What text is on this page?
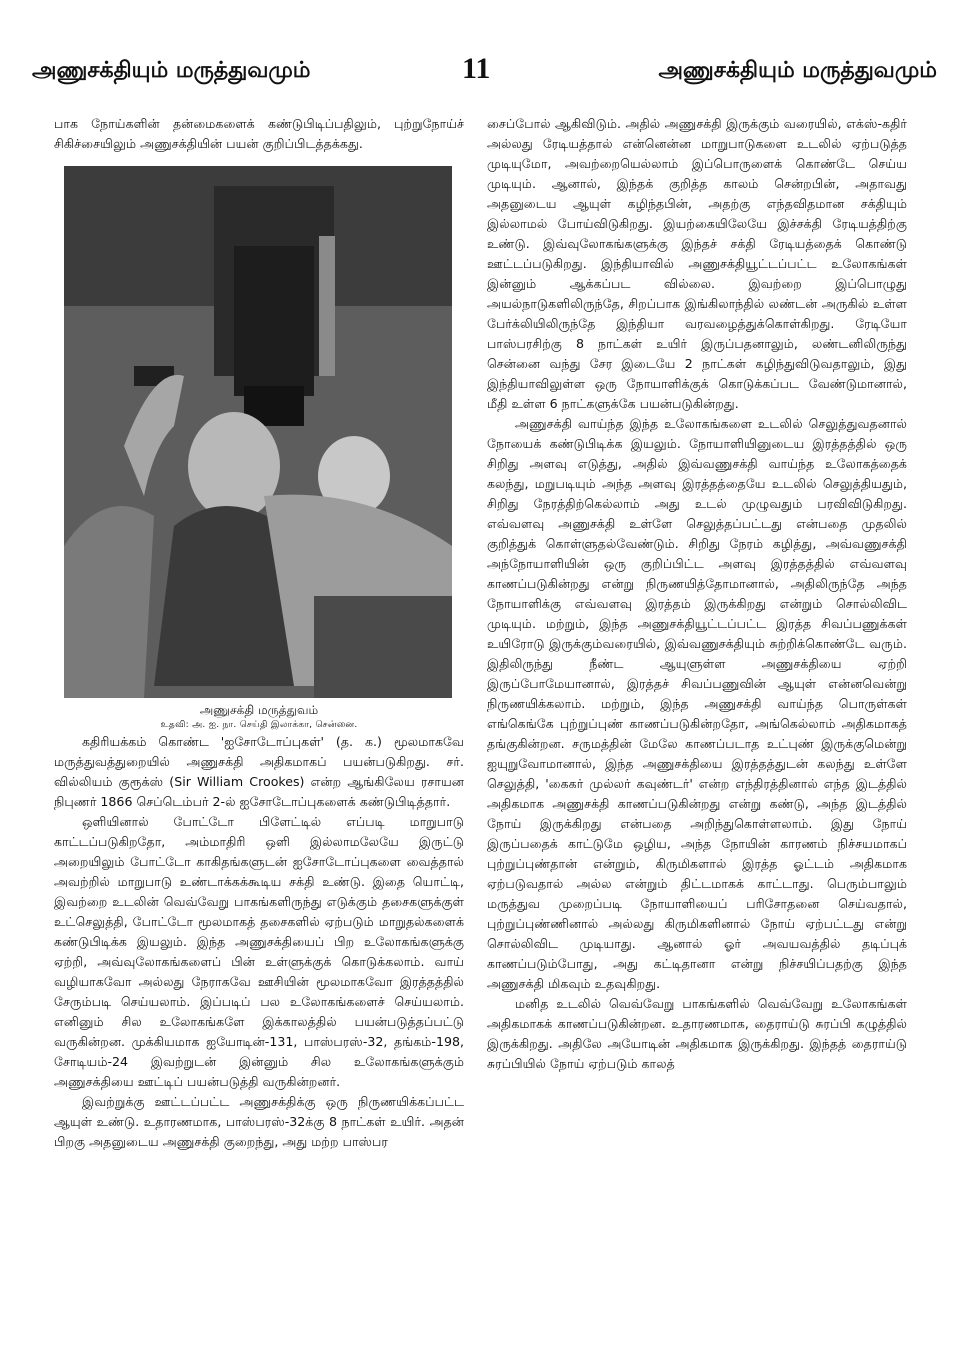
அணுசக்தியும் மருத்துவமும்	11	அணுசக்தியும் மருத்துவமும்

பாக நோய்களின் தன்மைகளைக் கண்டுபிடிப்பதிலும், புற்றுநோய்ச் சிகிச்சையிலும் அணுசக்தியின் பயன் குறிப்பிடத்தக்கது.

அணுசக்தி மருத்துவம்

உதவி: அ. ஐ. நா. செய்தி இலாக்கா, சென்னை.

கதிரியக்கம் கொண்ட 'ஐசோடோப்புகள்' (த. க.) மூலமாகவே மருத்துவத்துறையில் அணுசக்தி அதிகமாகப் பயன்படுகிறது. சர். வில்லியம் குரூக்ஸ் (Sir William Crookes) என்ற ஆங்கிலேய ரசாயன நிபுணர் 1866 செப்டெம்பர் 2-ல் ஐசோடோப்புகளைக் கண்டுபிடித்தார்.

ஒளியினால் போட்டோ பிளேட்டில் எப்படி மாறுபாடு காட்டப்படுகிறதோ, அம்மாதிரி ஒளி இல்லாமலேயே இருட்டு அறையிலும் போட்டோ காகிதங்களுடன் ஐசோடோப்புகளை வைத்தால் அவற்றில் மாறுபாடு உண்டாக்கக்கூடிய சக்தி உண்டு. இதை யொட்டி, இவற்றை உடலின் வெவ்வேறு பாகங்களிருந்து எடுக்கும் தசைகளுக்குள் உட்செலுத்தி, போட்டோ மூலமாகத் தசைகளில் ஏற்படும் மாறுதல்களைக் கண்டுபிடிக்க இயலும். இந்த அணுசக்தியைப் பிற உலோகங்களுக்கு ஏற்றி, அவ்வுலோகங்களைப் பின் உள்ளுக்குக் கொடுக்கலாம். வாய் வழியாகவோ அல்லது நேராகவே ஊசியின் மூலமாகவோ இரத்தத்தில் சேரும்படி செய்யலாம். இப்படிப் பல உலோகங்களைச் செய்யலாம். எனினும் சில உலோகங்களே இக்காலத்தில் பயன்படுத்தப்பட்டு வருகின்றன. முக்கியமாக ஐயோடின்-131, பாஸ்பரஸ்-32, தங்கம்-198, சோடியம்-24 இவற்றுடன் இன்னும் சில உலோகங்களுக்கும் அணுசக்தியை ஊட்டிப் பயன்படுத்தி வருகின்றனர்.

இவற்றுக்கு ஊட்டப்பட்ட அணுசக்திக்கு ஒரு நிருணயிக்கப்பட்ட ஆயுள் உண்டு. உதாரணமாக, பாஸ்பரஸ்-32க்கு 8 நாட்கள் உயிர். அதன் பிறகு அதனுடைய அணுசக்தி குறைந்து, அது மற்ற பாஸ்பர

சைப்போல் ஆகிவிடும். அதில் அணுசக்தி இருக்கும் வரையில், எக்ஸ்-கதிர் அல்லது ரேடியத்தால் என்னென்ன மாறுபாடுகளை உடலில் ஏற்படுத்த முடியுமோ, அவற்றையெல்லாம் இப்பொருளைக் கொண்டே செய்ய முடியும். ஆனால், இந்தக் குறித்த காலம் சென்றபின், அதாவது அதனுடைய ஆயுள் கழிந்தபின், அதற்கு எந்தவிதமான சக்தியும் இல்லாமல் போய்விடுகிறது. இயற்கையிலேயே இச்சக்தி ரேடியத்திற்கு உண்டு. இவ்வுலோகங்களுக்கு இந்தச் சக்தி ரேடியத்தைக் கொண்டு ஊட்டப்படுகிறது. இந்தியாவில் அணுசக்தியூட்டப்பட்ட உலோகங்கள் இன்னும் ஆக்கப்பட வில்லை. இவற்றை இப்பொழுது அயல்நாடுகளிலிருந்தே, சிறப்பாக இங்கிலாந்தில் லண்டன் அருகில் உள்ள பேர்க்லியிலிருந்தே இந்தியா வரவழைத்துக்கொள்கிறது. ரேடியோ பாஸ்பரசிற்கு 8 நாட்கள் உயிர் இருப்பதனாலும், லண்டனிலிருந்து சென்னை வந்து சேர இடையே 2 நாட்கள் கழிந்துவிடுவதாலும், இது இந்தியாவிலுள்ள ஒரு நோயாளிக்குக் கொடுக்கப்பட வேண்டுமானால், மீதி உள்ள 6 நாட்களுக்கே பயன்படுகின்றது.

அணுசக்தி வாய்ந்த இந்த உலோகங்களை உடலில் செலுத்துவதனால் நோயைக் கண்டுபிடிக்க இயலும். நோயாளியினுடைய இரத்தத்தில் ஒரு சிறிது அளவு எடுத்து, அதில் இவ்வணுசக்தி வாய்ந்த உலோகத்தைக் கலந்து, மறுபடியும் அந்த அளவு இரத்தத்தையே உடலில் செலுத்தியதும், சிறிது நேரத்திற்கெல்லாம் அது உடல் முழுவதும் பரவிவிடுகிறது. எவ்வளவு அணுசக்தி உள்ளே செலுத்தப்பட்டது என்பதை முதலில் குறித்துக் கொள்ளுதல்வேண்டும். சிறிது நேரம் கழித்து, அவ்வணுசக்தி அந்நோயாளியின் ஒரு குறிப்பிட்ட அளவு இரத்தத்தில் எவ்வளவு காணப்படுகின்றது என்று நிருணயித்தோமானால், அதிலிருந்தே அந்த நோயாளிக்கு எவ்வளவு இரத்தம் இருக்கிறது என்றும் சொல்லிவிட முடியும். மற்றும், இந்த அணுசக்தியூட்டப்பட்ட இரத்த சிவப்பணுக்கள் உயிரோடு இருக்கும்வரையில், இவ்வணுசக்தியும் சுற்றிக்கொண்டே வரும். இதிலிருந்து நீண்ட ஆயுளுள்ள அணுசக்தியை ஏற்றி இருப்போமேயானால், இரத்தச் சிவப்பணுவின் ஆயுள் என்னவென்று நிருணயிக்கலாம். மற்றும், இந்த அணுசக்தி வாய்ந்த பொருள்கள் எங்கெங்கே புற்றுப்புண் காணப்படுகின்றதோ, அங்கெல்லாம் அதிகமாகத் தங்குகின்றன. சருமத்தின் மேலே காணப்படாத உட்புண் இருக்குமென்று ஐயுறுவோமானால், இந்த அணுசக்தியை இரத்தத்துடன் கலந்து உள்ளே செலுத்தி, 'கைகர் முல்லர் கவுண்டர்' என்ற எந்திரத்தினால் எந்த இடத்தில் அதிகமாக அணுசக்தி காணப்படுகின்றது என்று கண்டு, அந்த இடத்தில் நோய் இருக்கிறது என்பதை அறிந்துகொள்ளலாம். இது நோய் இருப்பதைக் காட்டுமே ஒழிய, அந்த நோயின் காரணம் நிச்சயமாகப் புற்றுப்புண்தான் என்றும், கிருமிகளால் இரத்த ஓட்டம் அதிகமாக ஏற்படுவதால் அல்ல என்றும் திட்டமாகக் காட்டாது. பெரும்பாலும் மருத்துவ முறைப்படி நோயாளியைப் பரிசோதனை செய்வதால், புற்றுப்புண்ணினால் அல்லது கிருமிகளினால் நோய் ஏற்பட்டது என்று சொல்லிவிட முடியாது. ஆனால் ஓர் அவயவத்தில் தடிப்புக் காணப்படும்போது, அது கட்டிதானா என்று நிச்சயிப்பதற்கு இந்த அணுசக்தி மிகவும் உதவுகிறது.

மனித உடலில் வெவ்வேறு பாகங்களில் வெவ்வேறு உலோகங்கள் அதிகமாகக் காணப்படுகின்றன. உதாரணமாக, தைராய்டு சுரப்பி கழுத்தில் இருக்கிறது. அதிலே அயோடின் அதிகமாக இருக்கிறது. இந்தத் தைராய்டு சுரப்பியில் நோய் ஏற்படும் காலத்
